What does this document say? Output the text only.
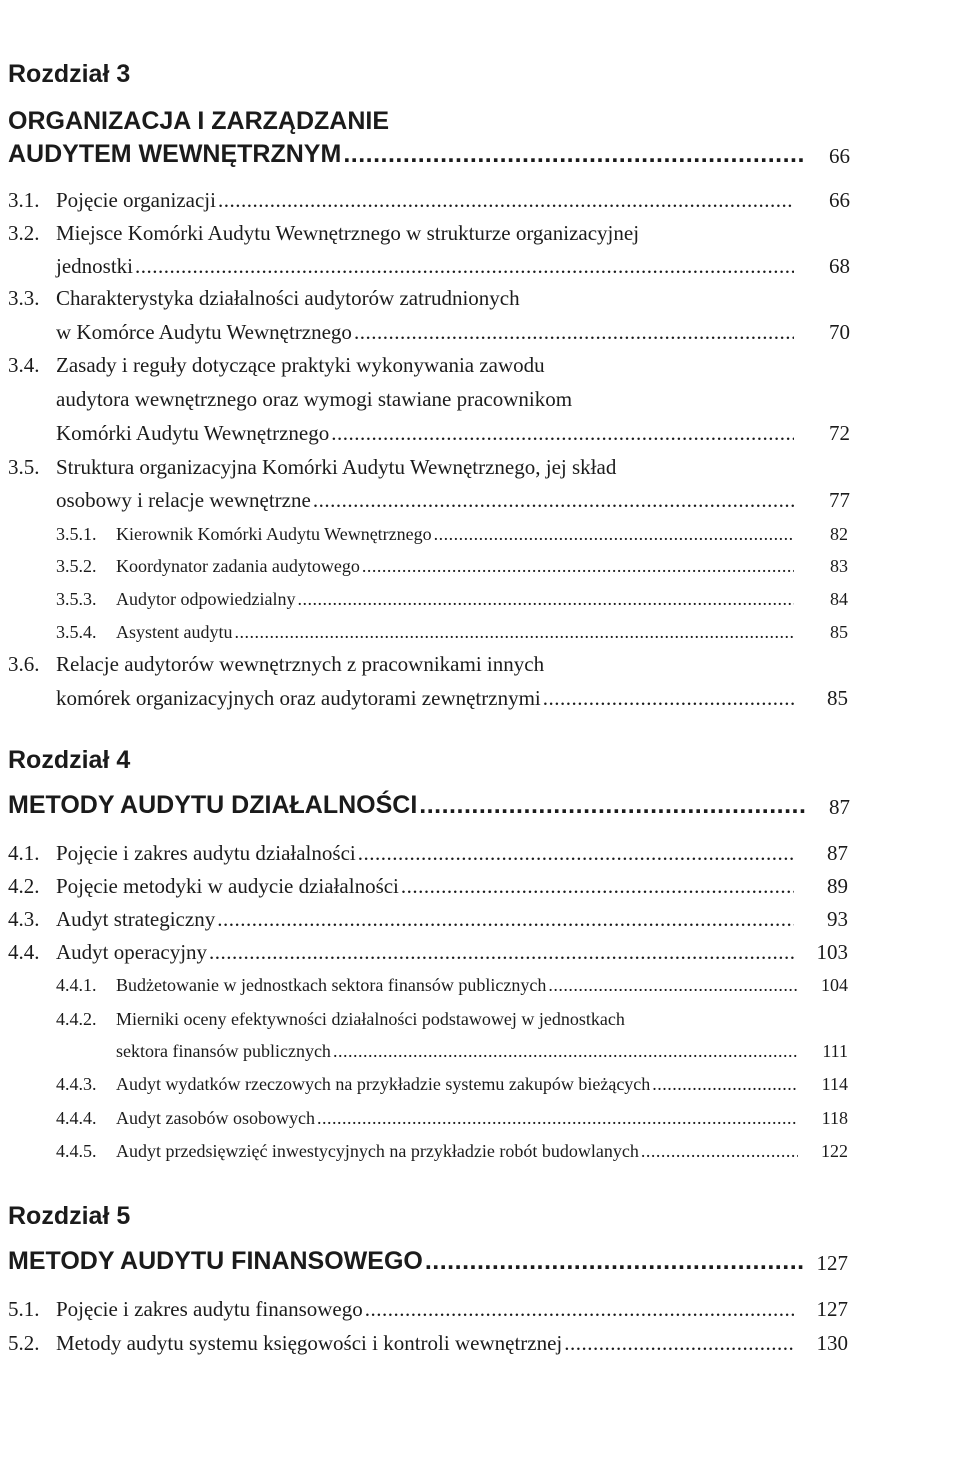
Rozdział 3
ORGANIZACJA I ZARZĄDZANIE
AUDYTEM WEWNĘTRZNYM .....	66
3.1. Pojęcie organizacji .....	66
3.2. Miejsce Komórki Audytu Wewnętrznego w strukturze organizacyjnej
jednostki .....	68
3.3. Charakterystyka działalności audytorów zatrudnionych
w Komórce Audytu Wewnętrznego .....	70
3.4. Zasady i reguły dotyczące praktyki wykonywania zawodu
audytora wewnętrznego oraz wymogi stawiane pracownikom
Komórki Audytu Wewnętrznego .....	72
3.5. Struktura organizacyjna Komórki Audytu Wewnętrznego, jej skład
osobowy i relacje wewnętrzne .....	77
3.5.1. Kierownik Komórki Audytu Wewnętrznego .....	82
3.5.2. Koordynator zadania audytowego .....	83
3.5.3. Audytor odpowiedzialny .....	84
3.5.4. Asystent audytu .....	85
3.6. Relacje audytorów wewnętrznych z pracownikami innych
komórek organizacyjnych oraz audytorami zewnętrznymi .....	85
Rozdział 4
METODY AUDYTU DZIAŁALNOŚCI .....	87
4.1. Pojęcie i zakres audytu działalności .....	87
4.2. Pojęcie metodyki w audycie działalności .....	89
4.3. Audyt strategiczny .....	93
4.4. Audyt operacyjny .....	103
4.4.1. Budżetowanie w jednostkach sektora finansów publicznych .....	104
4.4.2. Mierniki oceny efektywności działalności podstawowej w jednostkach
sektora finansów publicznych .....	111
4.4.3. Audyt wydatków rzeczowych na przykładzie systemu zakupów bieżących .....	114
4.4.4. Audyt zasobów osobowych .....	118
4.4.5. Audyt przedsięwzięć inwestycyjnych na przykładzie robót budowlanych .....	122
Rozdział 5
METODY AUDYTU FINANSOWEGO .....	127
5.1. Pojęcie i zakres audytu finansowego .....	127
5.2. Metody audytu systemu księgowości i kontroli wewnętrznej .....	130
